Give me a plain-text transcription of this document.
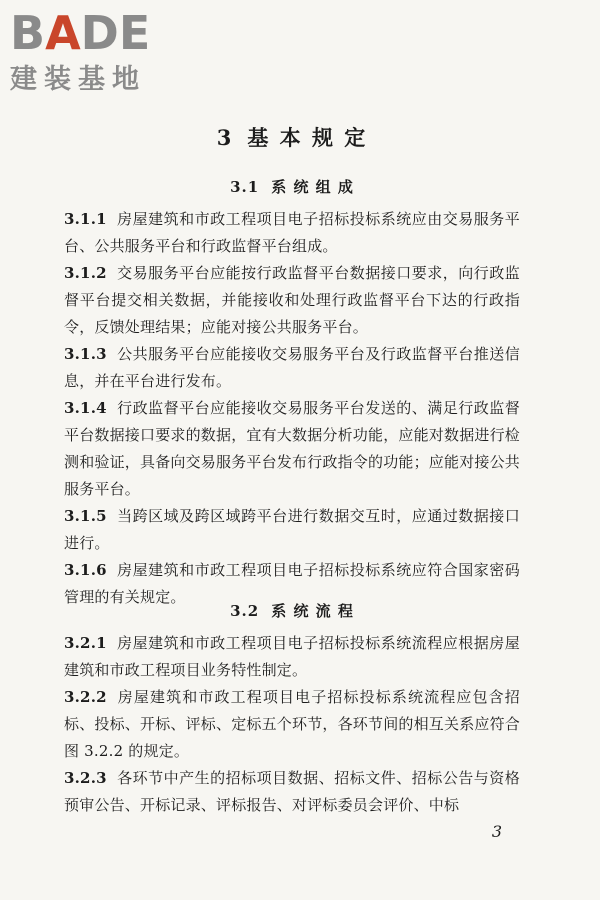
BADE
建装基地
3 基 本 规 定
3.1 系 统 组 成

3.1.1 房屋建筑和市政工程项目电子招标投标系统应由交易服务平台、公共服务平台和行政监督平台组成。

3.1.2 交易服务平台应能按行政监督平台数据接口要求，向行政监督平台提交相关数据，并能接收和处理行政监督平台下达的行政指令，反馈处理结果；应能对接公共服务平台。

3.1.3 公共服务平台应能接收交易服务平台及行政监督平台推送信息，并在平台进行发布。

3.1.4 行政监督平台应能接收交易服务平台发送的、满足行政监督平台数据接口要求的数据，宜有大数据分析功能，应能对数据进行检测和验证，具备向交易服务平台发布行政指令的功能；应能对接公共服务平台。

3.1.5 当跨区域及跨区域跨平台进行数据交互时，应通过数据接口进行。

3.1.6 房屋建筑和市政工程项目电子招标投标系统应符合国家密码管理的有关规定。

3.2 系 统 流 程

3.2.1 房屋建筑和市政工程项目电子招标投标系统流程应根据房屋建筑和市政工程项目业务特性制定。

3.2.2 房屋建筑和市政工程项目电子招标投标系统流程应包含招标、投标、开标、评标、定标五个环节，各环节间的相互关系应符合图 3.2.2 的规定。

3.2.3 各环节中产生的招标项目数据、招标文件、招标公告与资格预审公告、开标记录、评标报告、对评标委员会评价、中标

3
